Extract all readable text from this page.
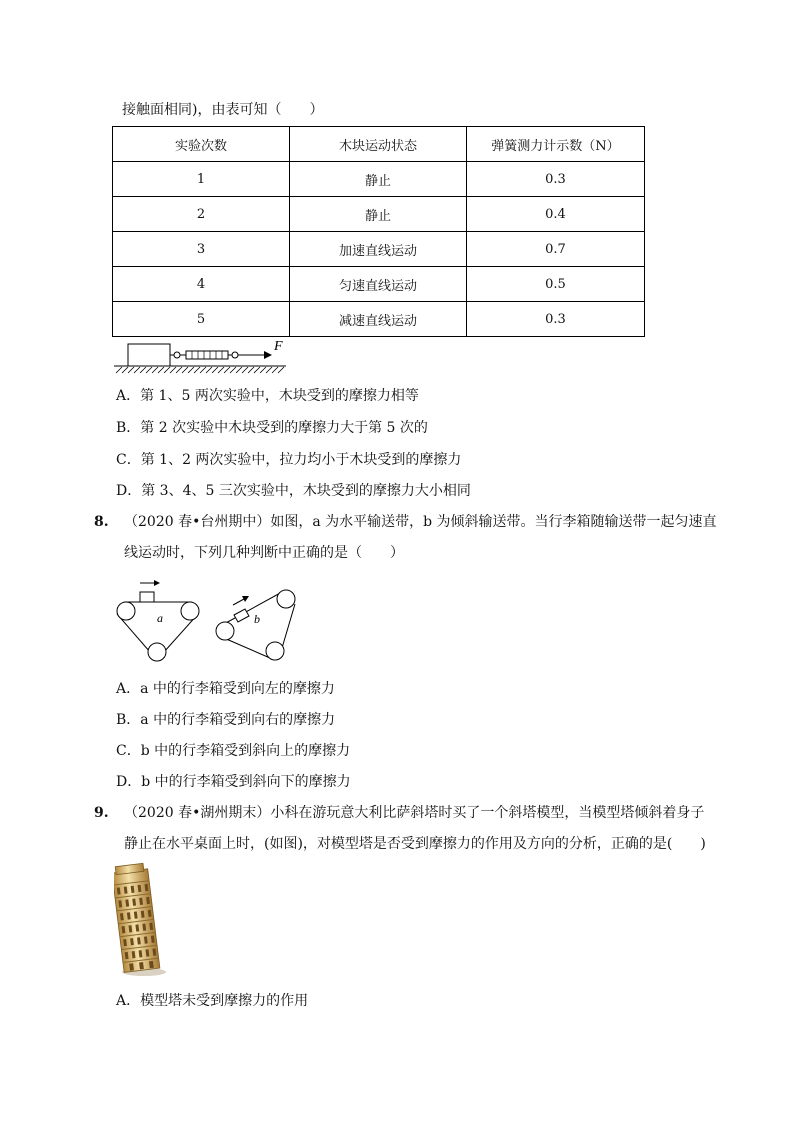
接触面相同)，由表可知（　　）
实验次数	木块运动状态	弹簧测力计示数（N）
1	静止	0.3
2	静止	0.4
3	加速直线运动	0.7
4	匀速直线运动	0.5
5	减速直线运动	0.3
F
A．第 1、5 两次实验中，木块受到的摩擦力相等
B．第 2 次实验中木块受到的摩擦力大于第 5 次的
C．第 1、2 两次实验中，拉力均小于木块受到的摩擦力
D．第 3、4、5 三次实验中，木块受到的摩擦力大小相同
8. （2020 春•台州期中）如图，a 为水平输送带，b 为倾斜输送带。当行李箱随输送带一起匀速直
线运动时，下列几种判断中正确的是（　　）
a	b
A．a 中的行李箱受到向左的摩擦力
B．a 中的行李箱受到向右的摩擦力
C．b 中的行李箱受到斜向上的摩擦力
D．b 中的行李箱受到斜向下的摩擦力
9. （2020 春•湖州期末）小科在游玩意大利比萨斜塔时买了一个斜塔模型，当模型塔倾斜着身子
静止在水平桌面上时，(如图)，对模型塔是否受到摩擦力的作用及方向的分析，正确的是(　　)
A．模型塔未受到摩擦力的作用
